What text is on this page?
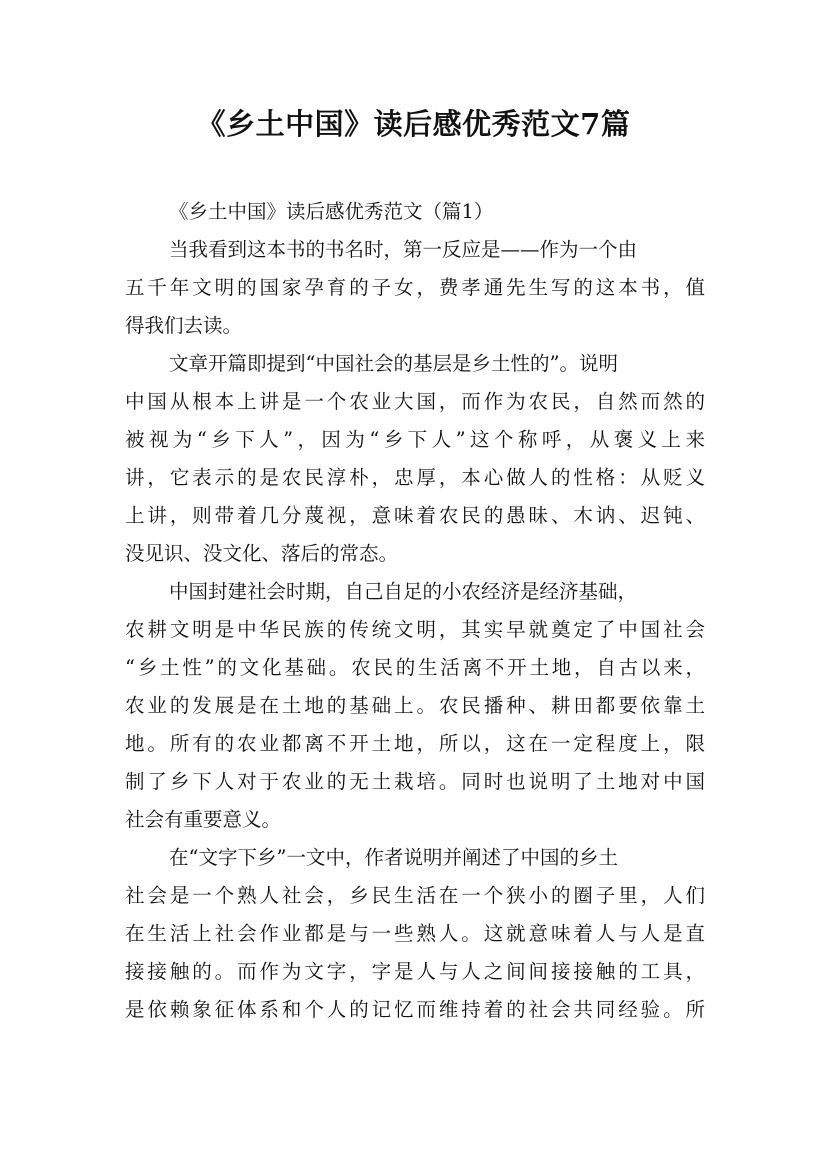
《乡土中国》读后感优秀范文7篇
《乡土中国》读后感优秀范文（篇1）
当我看到这本书的书名时，第一反应是——作为一个由
五千年文明的国家孕育的子女，费孝通先生写的这本书，值
得我们去读。
文章开篇即提到“中国社会的基层是乡土性的”。说明
中国从根本上讲是一个农业大国，而作为农民，自然而然的
被视为“乡下人”，因为“乡下人”这个称呼，从褒义上来
讲，它表示的是农民淳朴，忠厚，本心做人的性格：从贬义
上讲，则带着几分蔑视，意味着农民的愚昧、木讷、迟钝、
没见识、没文化、落后的常态。
中国封建社会时期，自己自足的小农经济是经济基础，
农耕文明是中华民族的传统文明，其实早就奠定了中国社会
“乡土性”的文化基础。农民的生活离不开土地，自古以来，
农业的发展是在土地的基础上。农民播种、耕田都要依靠土
地。所有的农业都离不开土地，所以，这在一定程度上，限
制了乡下人对于农业的无土栽培。同时也说明了土地对中国
社会有重要意义。
在“文字下乡”一文中，作者说明并阐述了中国的乡土
社会是一个熟人社会，乡民生活在一个狭小的圈子里，人们
在生活上社会作业都是与一些熟人。这就意味着人与人是直
接接触的。而作为文字，字是人与人之间间接接触的工具，
是依赖象征体系和个人的记忆而维持着的社会共同经验。所
